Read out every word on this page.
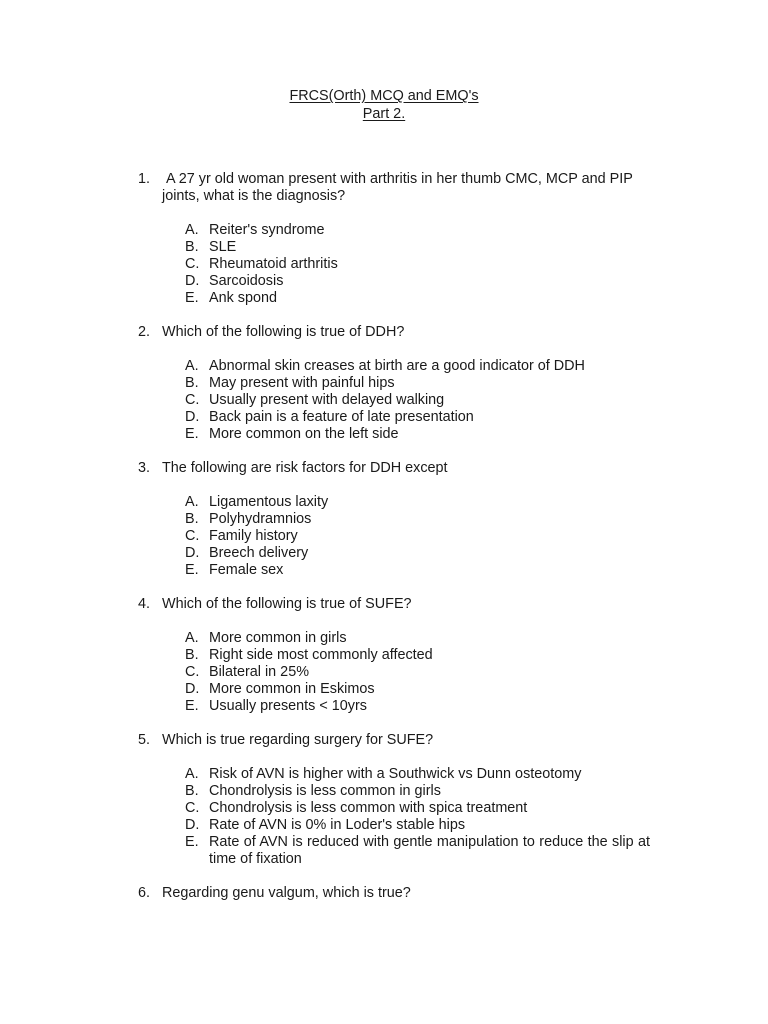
FRCS(Orth) MCQ and EMQ's
Part 2.
1. A 27 yr old woman present with arthritis in her thumb CMC, MCP and PIP joints, what is the diagnosis?
A. Reiter's syndrome
B. SLE
C. Rheumatoid arthritis
D. Sarcoidosis
E. Ank spond
2. Which of the following is true of DDH?
A. Abnormal skin creases at birth are a good indicator of DDH
B. May present with painful hips
C. Usually present with delayed walking
D. Back pain is a feature of late presentation
E. More common on the left side
3. The following are risk factors for DDH except
A. Ligamentous laxity
B. Polyhydramnios
C. Family history
D. Breech delivery
E. Female sex
4. Which of the following is true of SUFE?
A. More common in girls
B. Right side most commonly affected
C. Bilateral in 25%
D. More common in Eskimos
E. Usually presents < 10yrs
5. Which is true regarding surgery for SUFE?
A. Risk of AVN is higher with a Southwick vs Dunn osteotomy
B. Chondrolysis is less common in girls
C. Chondrolysis is less common with spica treatment
D. Rate of AVN is 0% in Loder's stable hips
E. Rate of AVN is reduced with gentle manipulation to reduce the slip at time of fixation
6. Regarding genu valgum, which is true?
